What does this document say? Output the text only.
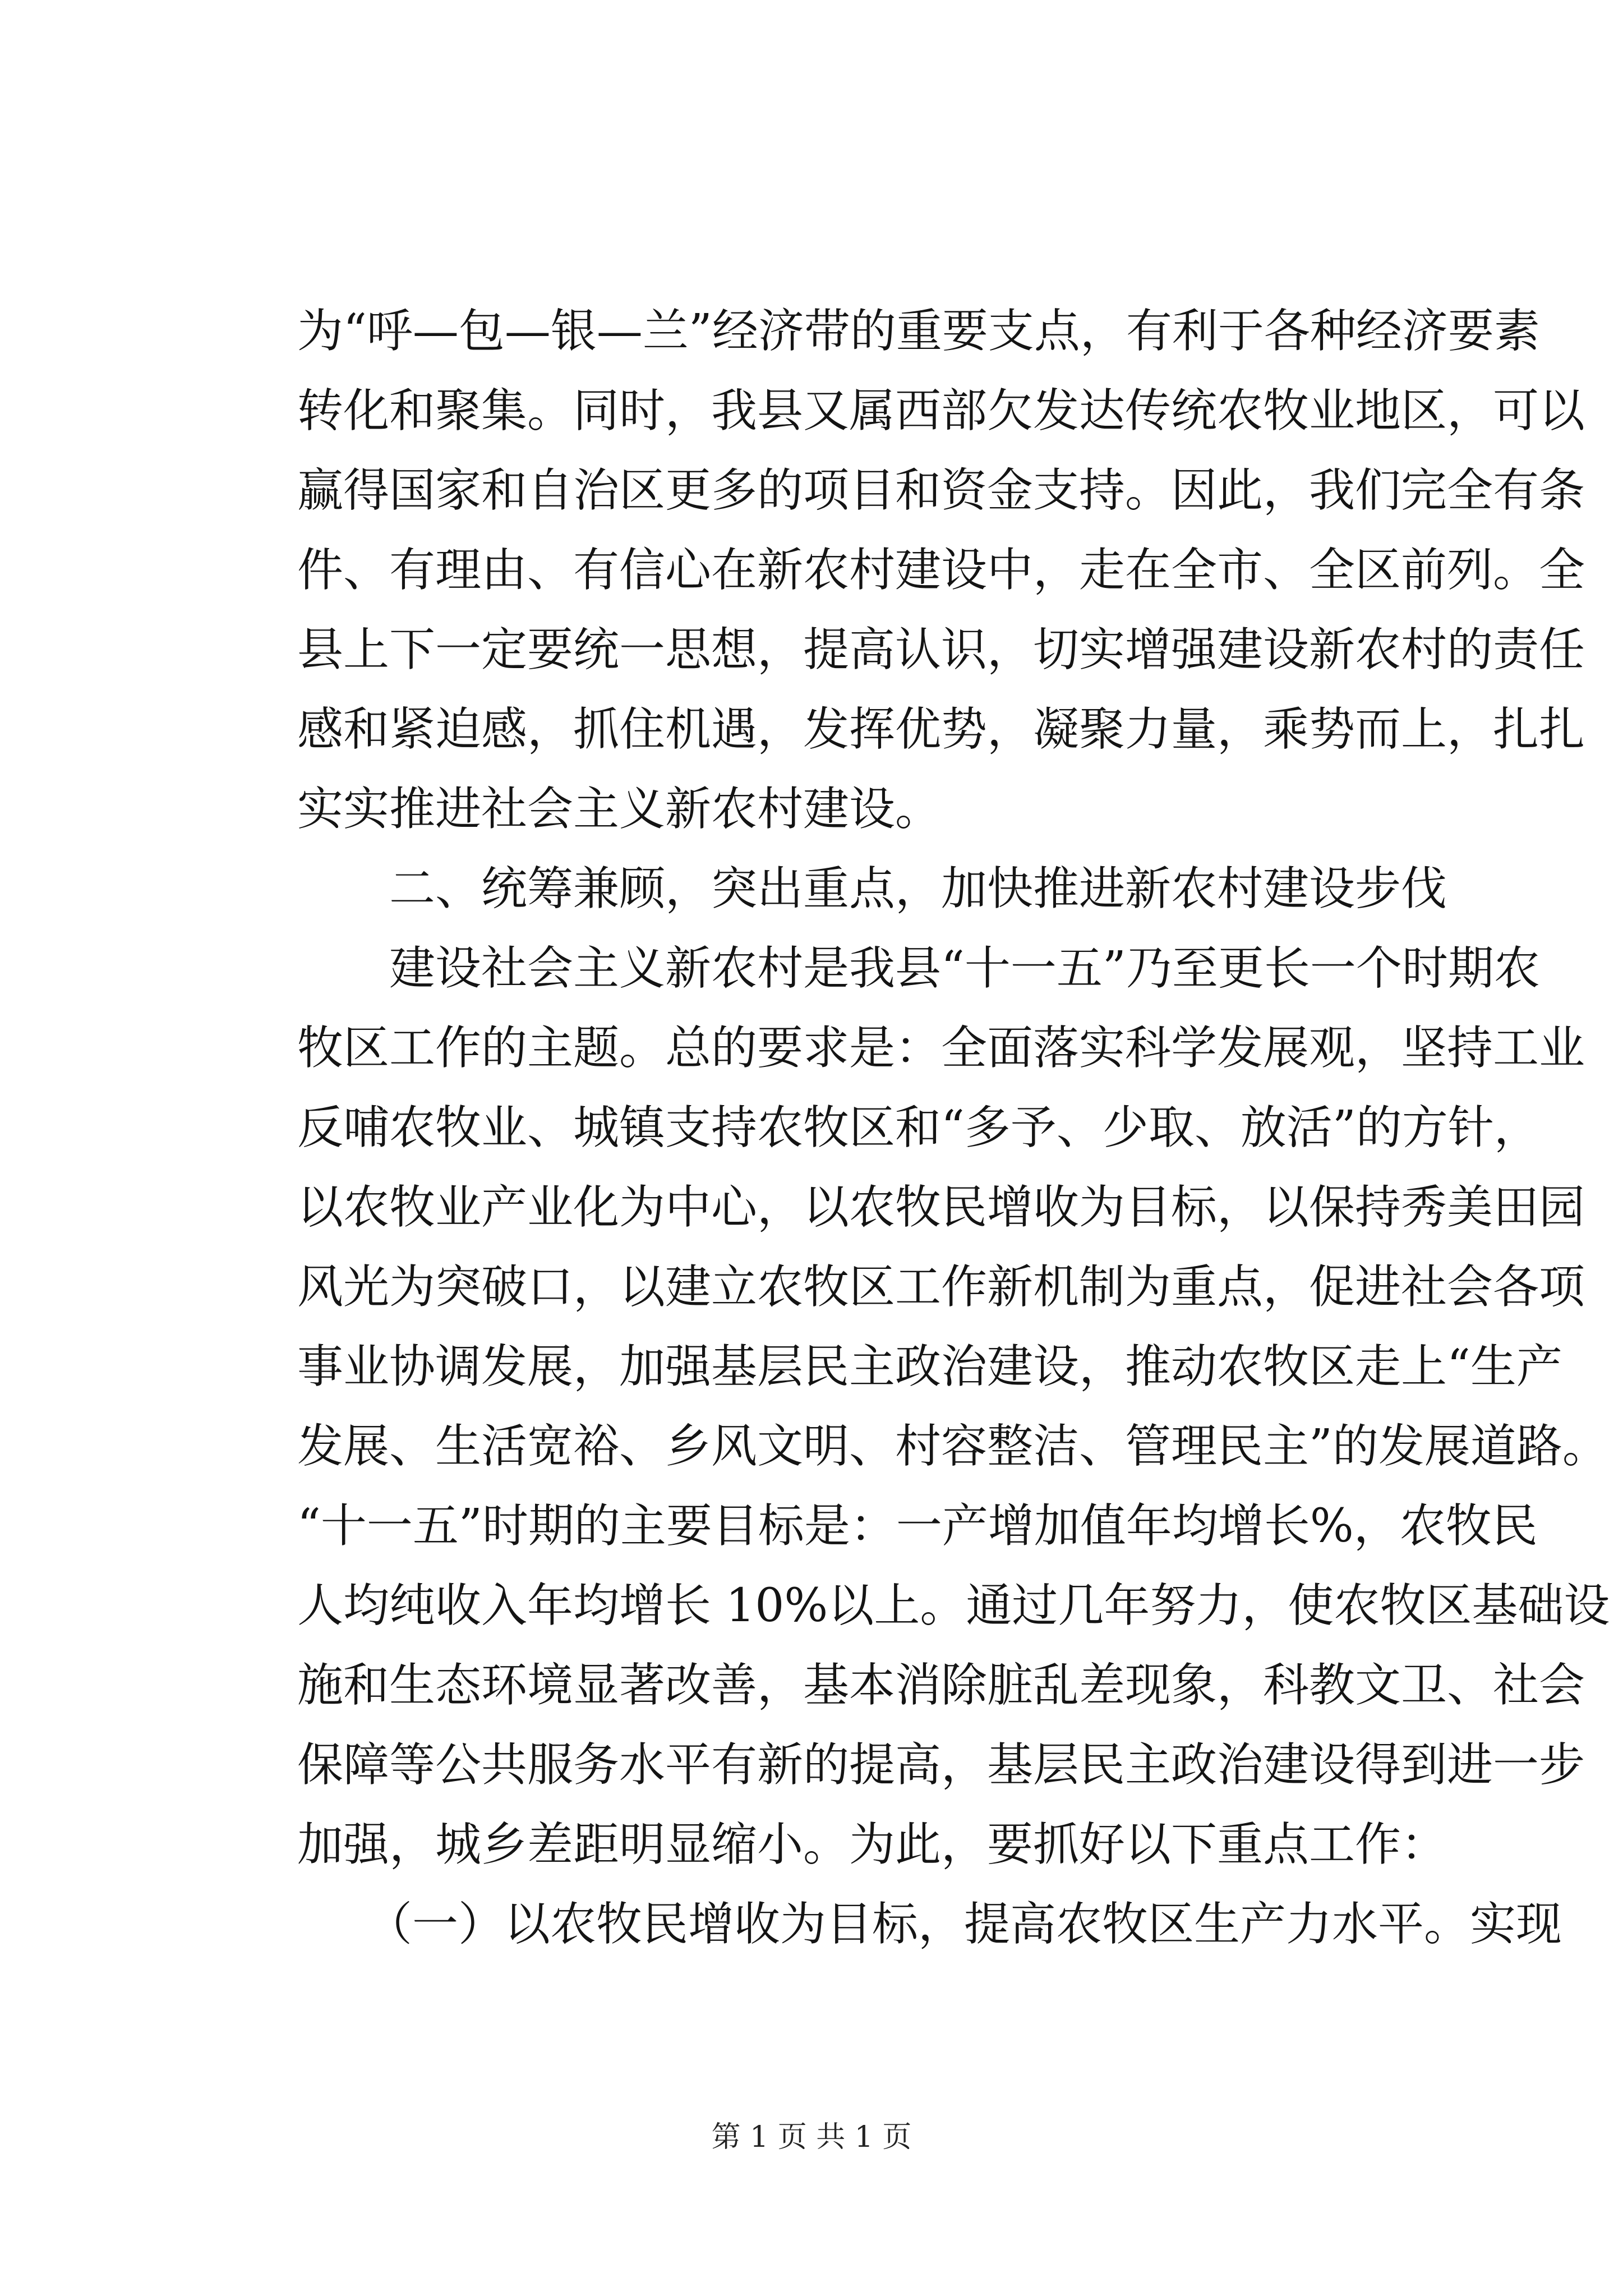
为“呼—包—银—兰”经济带的重要支点，有利于各种经济要素
转化和聚集。同时，我县又属西部欠发达传统农牧业地区，可以
赢得国家和自治区更多的项目和资金支持。因此，我们完全有条
件、有理由、有信心在新农村建设中，走在全市、全区前列。全
县上下一定要统一思想，提高认识，切实增强建设新农村的责任
感和紧迫感，抓住机遇，发挥优势，凝聚力量，乘势而上，扎扎
实实推进社会主义新农村建设。
　　二、统筹兼顾，突出重点，加快推进新农村建设步伐
　　建设社会主义新农村是我县“十一五”乃至更长一个时期农
牧区工作的主题。总的要求是：全面落实科学发展观，坚持工业
反哺农牧业、城镇支持农牧区和“多予、少取、放活”的方针，
以农牧业产业化为中心，以农牧民增收为目标，以保持秀美田园
风光为突破口，以建立农牧区工作新机制为重点，促进社会各项
事业协调发展，加强基层民主政治建设，推动农牧区走上“生产
发展、生活宽裕、乡风文明、村容整洁、管理民主”的发展道路。
“十一五”时期的主要目标是：一产增加值年均增长%，农牧民
人均纯收入年均增长 10%以上。通过几年努力，使农牧区基础设
施和生态环境显著改善，基本消除脏乱差现象，科教文卫、社会
保障等公共服务水平有新的提高，基层民主政治建设得到进一步
加强，城乡差距明显缩小。为此，要抓好以下重点工作：
　　（一）以农牧民增收为目标，提高农牧区生产力水平。实现
第 1 页 共 1 页
